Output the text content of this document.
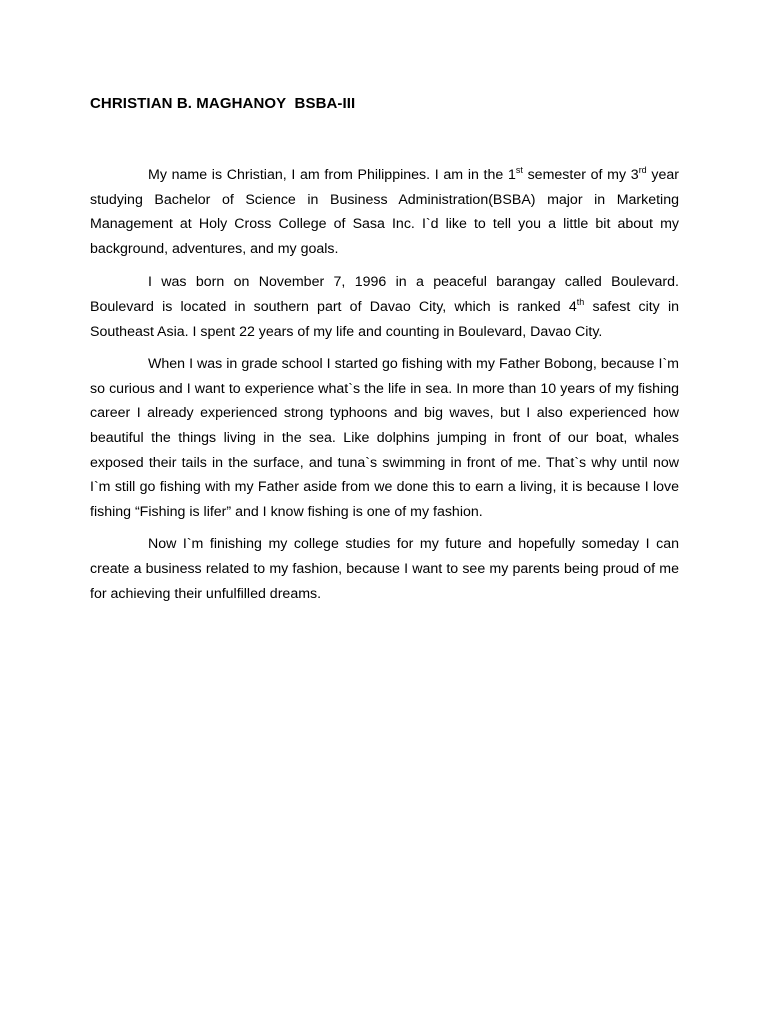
CHRISTIAN B. MAGHANOY  BSBA-III

My name is Christian, I am from Philippines. I am in the 1st semester of my 3rd year studying Bachelor of Science in Business Administration(BSBA) major in Marketing Management at Holy Cross College of Sasa Inc. I`d like to tell you a little bit about my background, adventures, and my goals.

I was born on November 7, 1996 in a peaceful barangay called Boulevard. Boulevard is located in southern part of Davao City, which is ranked 4th safest city in Southeast Asia. I spent 22 years of my life and counting in Boulevard, Davao City.

When I was in grade school I started go fishing with my Father Bobong, because I`m so curious and I want to experience what`s the life in sea. In more than 10 years of my fishing career I already experienced strong typhoons and big waves, but I also experienced how beautiful the things living in the sea. Like dolphins jumping in front of our boat, whales exposed their tails in the surface, and tuna`s swimming in front of me. That`s why until now I`m still go fishing with my Father aside from we done this to earn a living, it is because I love fishing “Fishing is lifer” and I know fishing is one of my fashion.

Now I`m finishing my college studies for my future and hopefully someday I can create a business related to my fashion, because I want to see my parents being proud of me for achieving their unfulfilled dreams.
